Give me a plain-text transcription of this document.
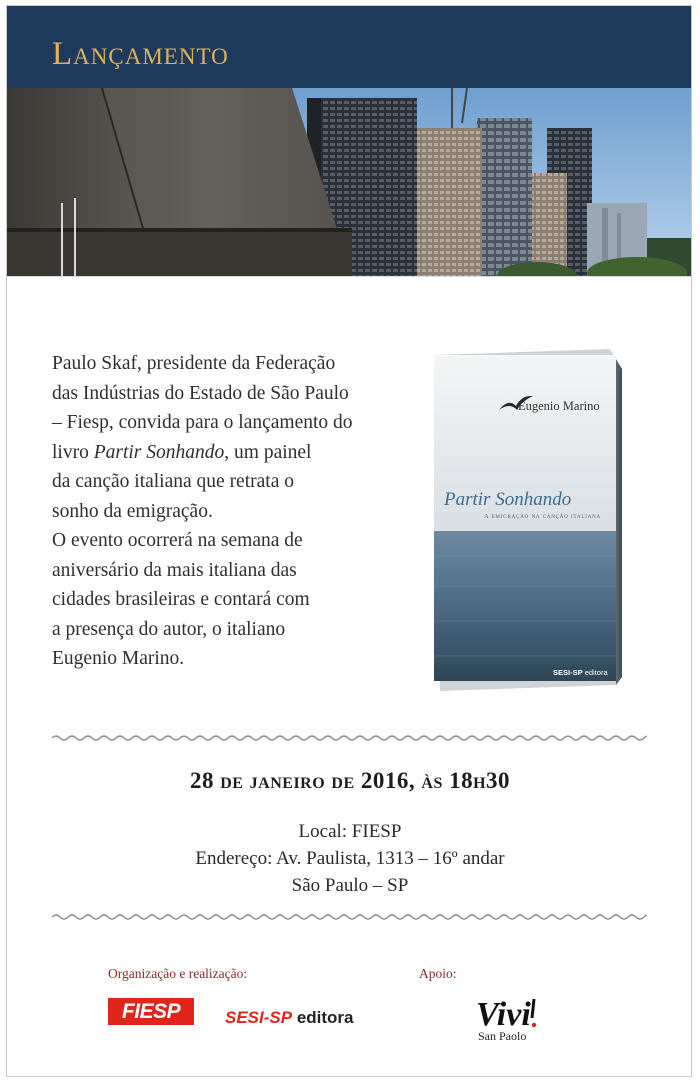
Lançamento

Paulo Skaf, presidente da Federação

das Indústrias do Estado de São Paulo

– Fiesp, convida para o lançamento do

livro Partir Sonhando, um painel

da canção italiana que retrata o

sonho da emigração.

O evento ocorrerá na semana de

aniversário da mais italiana das

cidades brasileiras e contará com

a presença do autor, o italiano

Eugenio Marino.

Eugenio Marino
Partir Sonhando
A emigração na canção italiana
SESI-SP editora
28 de janeiro de 2016, às 18h30
Local: FIESP
Endereço: Av. Paulista, 1313 – 16º andar
São Paulo – SP
Organização e realização:	Apoio:
FIESP	SESI-SP editora	Vivi
San Paolo
